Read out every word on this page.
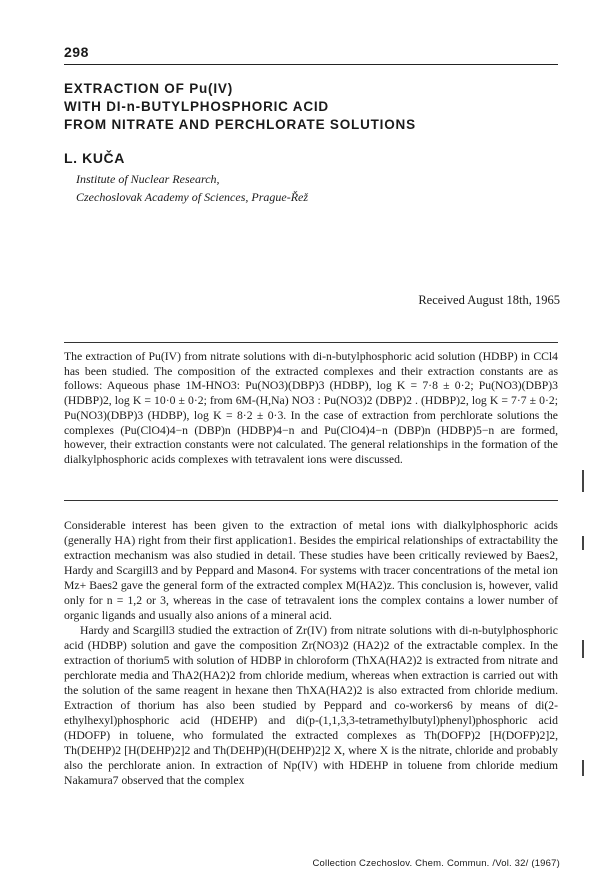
298
EXTRACTION OF Pu(IV)
WITH DI-n-BUTYLPHOSPHORIC ACID
FROM NITRATE AND PERCHLORATE SOLUTIONS
L. KUČA
Institute of Nuclear Research,
Czechoslovak Academy of Sciences, Prague-Řež
Received August 18th, 1965
The extraction of Pu(IV) from nitrate solutions with di-n-butylphosphoric acid solution (HDBP) in CCl4 has been studied. The composition of the extracted complexes and their extraction constants are as follows: Aqueous phase 1M-HNO3: Pu(NO3)(DBP)3 (HDBP), log K = 7·8 ± 0·2; Pu(NO3)(DBP)3 (HDBP)2, log K = 10·0 ± 0·2; from 6M-(H,Na) NO3 : Pu(NO3)2 (DBP)2 . (HDBP)2, log K = 7·7 ± 0·2; Pu(NO3)(DBP)3 (HDBP), log K = 8·2 ± 0·3. In the case of extraction from perchlorate solutions the complexes (Pu(ClO4)4−n (DBP)n (HDBP)4−n and Pu(ClO4)4−n (DBP)n (HDBP)5−n are formed, however, their extraction constants were not calculated. The general relationships in the formation of the dialkylphosphoric acids complexes with tetravalent ions were discussed.

Considerable interest has been given to the extraction of metal ions with dialkylphosphoric acids (generally HA) right from their first application1. Besides the empirical relationships of extractability the extraction mechanism was also studied in detail. These studies have been critically reviewed by Baes2, Hardy and Scargill3 and by Peppard and Mason4. For systems with tracer concentrations of the metal ion Mz+ Baes2 gave the general form of the extracted complex M(HA2)z. This conclusion is, however, valid only for n = 1,2 or 3, whereas in the case of tetravalent ions the complex contains a lower number of organic ligands and usually also anions of a mineral acid.

Hardy and Scargill3 studied the extraction of Zr(IV) from nitrate solutions with di-n-butylphosphoric acid (HDBP) solution and gave the composition Zr(NO3)2 (HA2)2 of the extractable complex. In the extraction of thorium5 with solution of HDBP in chloroform (ThXA(HA2)2 is extracted from nitrate and perchlorate media and ThA2(HA2)2 from chloride medium, whereas when extraction is carried out with the solution of the same reagent in hexane then ThXA(HA2)2 is also extracted from chloride medium. Extraction of thorium has also been studied by Peppard and co-workers6 by means of di(2-ethylhexyl)phosphoric acid (HDEHP) and di(p-(1,1,3,3-tetramethylbutyl)phenyl)phosphoric acid (HDOFP) in toluene, who formulated the extracted complexes as Th(DOFP)2 [H(DOFP)2]2, Th(DEHP)2 [H(DEHP)2]2 and Th(DEHP)(H(DEHP)2]2 X, where X is the nitrate, chloride and probably also the perchlorate anion. In extraction of Np(IV) with HDEHP in toluene from chloride medium Nakamura7 observed that the complex

Collection Czechoslov. Chem. Commun. /Vol. 32/ (1967)
